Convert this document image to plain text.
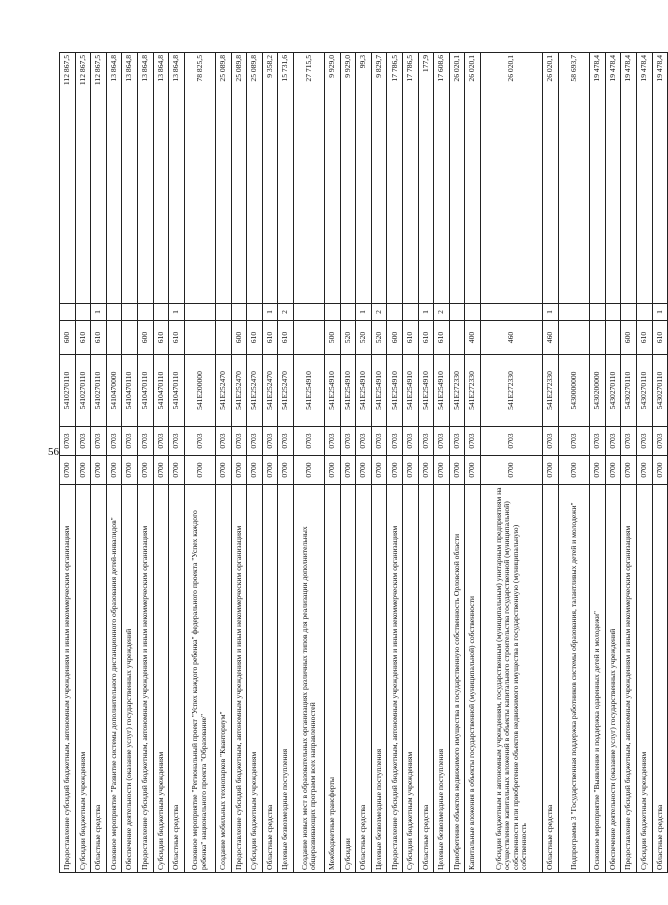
56
Предоставление субсидий бюджетным, автономным учреждениям и иным некоммерческим организациям	0700	0703	5410270110	600		112 867,5
Субсидии бюджетным учреждениям	0700	0703	5410270110	610		112 867,5
Областные средства	0700	0703	5410270110	610	1	112 867,5
Основное мероприятие "Развитие системы дополнительного дистанционного образования детей-инвалидов"	0700	0703	5410470000			13 864,8
Обеспечение деятельности (оказание услуг) государственных учреждений	0700	0703	5410470110			13 864,8
Предоставление субсидий бюджетным, автономным учреждениям и иным некоммерческим организациям	0700	0703	5410470110	600		13 864,8
Субсидии бюджетным учреждениям	0700	0703	5410470110	610		13 864,8
Областные средства	0700	0703	5410470110	610	1	13 864,8
Основное мероприятие "Региональный проект "Успех каждого ребенка" федерального проекта "Успех каждого ребенка" национального проекта "Образование"	0700	0703	541E200000			78 825,5
Создание мобильных технопарков "Кванториум"	0700	0703	541E252470			25 089,8
Предоставление субсидий бюджетным, автономным учреждениям и иным некоммерческим организациям	0700	0703	541E252470	600		25 089,8
Субсидии бюджетным учреждениям	0700	0703	541E252470	610		25 089,8
Областные средства	0700	0703	541E252470	610	1	9 358,2
Целевые безвозмездные поступления	0700	0703	541E252470	610	2	15 731,6
Создание новых мест в образовательных организациях различных типов для реализации дополнительных общеразвивающих программ всех направленностей	0700	0703	541E254910			27 715,5
Межбюджетные трансферты	0700	0703	541E254910	500		9 929,0
Субсидии	0700	0703	541E254910	520		9 929,0
Областные средства	0700	0703	541E254910	520	1	99,3
Целевые безвозмездные поступления	0700	0703	541E254910	520	2	9 829,7
Предоставление субсидий бюджетным, автономным учреждениям и иным некоммерческим организациям	0700	0703	541E254910	600		17 786,5
Субсидии бюджетным учреждениям	0700	0703	541E254910	610		17 786,5
Областные средства	0700	0703	541E254910	610	1	177,9
Целевые безвозмездные поступления	0700	0703	541E254910	610	2	17 608,6
Приобретение объектов недвижимого имущества в государственную собственность Орловской области	0700	0703	541E272330			26 020,1
Капитальные вложения в объекты государственной (муниципальной) собственности	0700	0703	541E272330	400		26 020,1
Субсидии бюджетным и автономным учреждениям, государственным (муниципальным) унитарным предприятиям на осуществление капитальных вложений в объекты капитального строительства государственной (муниципальной) собственности или приобретение объектов недвижимого имущества в государственную (муниципальную) собственность	0700	0703	541E272330	460		26 020,1
Областные средства	0700	0703	541E272330	460	1	26 020,1
Подпрограмма 3 "Государственная поддержка работников системы образования, талантливых детей и молодежи"	0700	0703	5430000000			58 693,7
Основное мероприятие "Выявление и поддержка одаренных детей и молодежи"	0700	0703	5430200000			19 478,4
Обеспечение деятельности (оказание услуг) государственных учреждений	0700	0703	5430270110			19 478,4
Предоставление субсидий бюджетным, автономным учреждениям и иным некоммерческим организациям	0700	0703	5430270110	600		19 478,4
Субсидии бюджетным учреждениям	0700	0703	5430270110	610		19 478,4
Областные средства	0700	0703	5430270110	610	1	19 478,4
